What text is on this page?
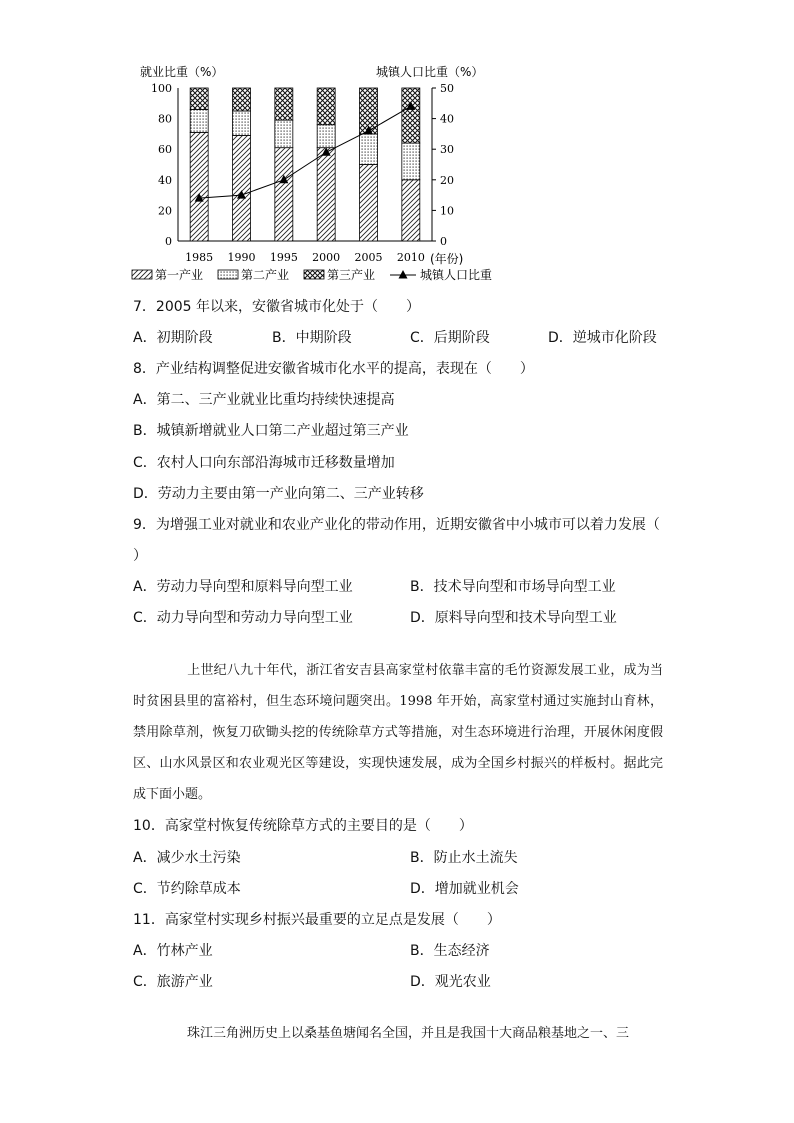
就业比重（%）	城镇人口比重（%）
0
20
40
60
80
100
0
10
20
30
40
50
1985 1990 1995 2000 2005 2010 (年份)
第一产业	第二产业	第三产业	城镇人口比重
7．2005 年以来，安徽省城市化处于（　　）
A．初期阶段	B．中期阶段	C．后期阶段	D．逆城市化阶段
8．产业结构调整促进安徽省城市化水平的提高，表现在（　　）
A．第二、三产业就业比重均持续快速提高
B．城镇新增就业人口第二产业超过第三产业
C．农村人口向东部沿海城市迁移数量增加
D．劳动力主要由第一产业向第二、三产业转移
9．为增强工业对就业和农业产业化的带动作用，近期安徽省中小城市可以着力发展（
）
A．劳动力导向型和原料导向型工业	B．技术导向型和市场导向型工业
C．动力导向型和劳动力导向型工业	D．原料导向型和技术导向型工业
上世纪八九十年代，浙江省安吉县高家堂村依靠丰富的毛竹资源发展工业，成为当时贫困县里的富裕村，但生态环境问题突出。1998 年开始，高家堂村通过实施封山育林，禁用除草剂，恢复刀砍锄头挖的传统除草方式等措施，对生态环境进行治理，开展休闲度假区、山水风景区和农业观光区等建设，实现快速发展，成为全国乡村振兴的样板村。据此完成下面小题。
10．高家堂村恢复传统除草方式的主要目的是（　　）
A．减少水土污染	B．防止水土流失
C．节约除草成本	D．增加就业机会
11．高家堂村实现乡村振兴最重要的立足点是发展（　　）
A．竹林产业	B．生态经济
C．旅游产业	D．观光农业
珠江三角洲历史上以桑基鱼塘闻名全国，并且是我国十大商品粮基地之一、三
